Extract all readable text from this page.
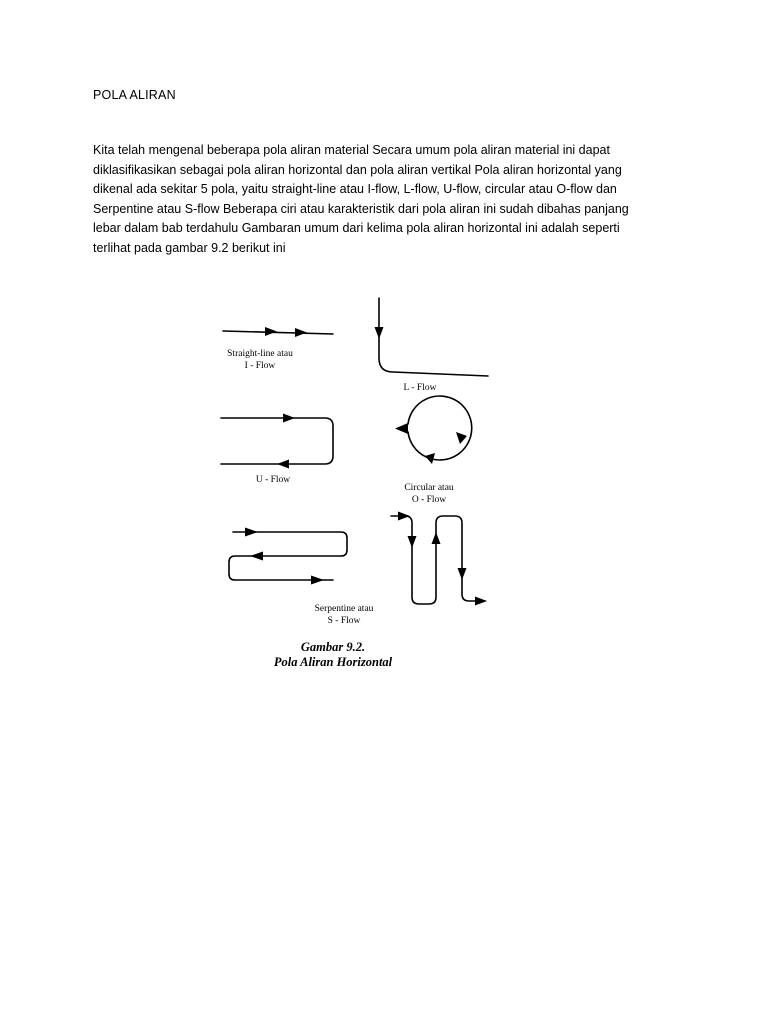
POLA ALIRAN
Kita telah mengenal beberapa pola aliran material Secara umum pola aliran material ini dapat
diklasifikasikan sebagai pola aliran horizontal dan pola aliran vertikal Pola aliran horizontal yang
dikenal ada sekitar 5 pola, yaitu straight-line atau I-flow, L-flow, U-flow, circular atau O-flow dan
Serpentine atau S-flow Beberapa ciri atau karakteristik dari pola aliran ini sudah dibahas panjang
lebar dalam bab terdahulu Gambaran umum dari kelima pola aliran horizontal ini adalah seperti
terlihat pada gambar 9.2 berikut ini
Straight-line atau
I - Flow
L - Flow
U - Flow
Circular atau
O - Flow
Serpentine atau
S - Flow
Gambar 9.2.
Pola Aliran Horizontal
